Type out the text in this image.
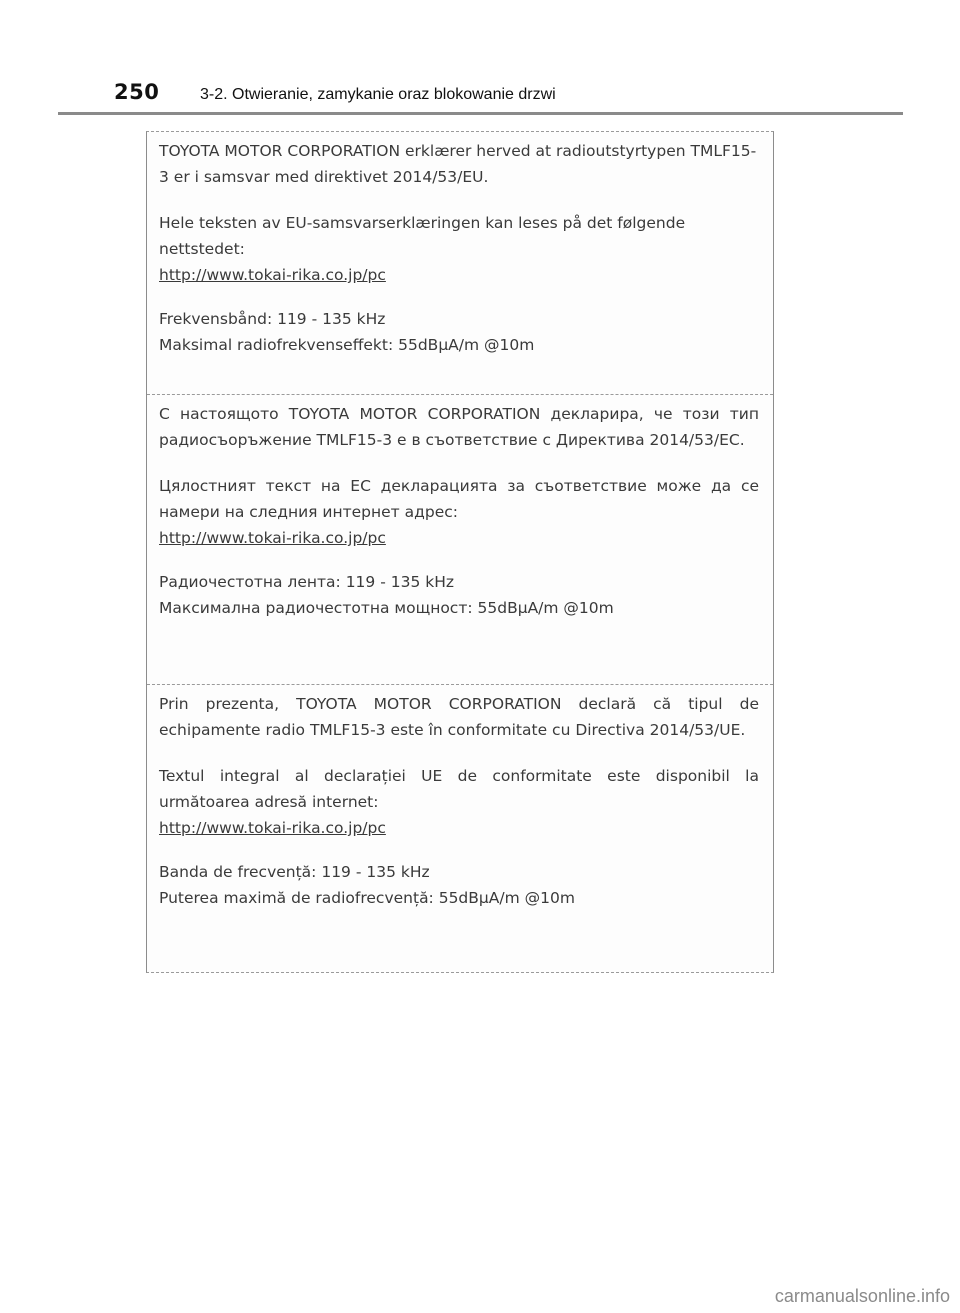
250	3-2. Otwieranie, zamykanie oraz blokowanie drzwi

TOYOTA MOTOR CORPORATION erklærer herved at radioutstyrtypen TMLF15-3 er i samsvar med direktivet 2014/53/EU.

Hele teksten av EU-samsvarserklæringen kan leses på det følgende nettstedet:
http://www.tokai-rika.co.jp/pc
Frekvensbånd: 119 - 135 kHz
Maksimal radiofrekvenseffekt: 55dBµA/m @10m

С настоящото TOYOTA MOTOR CORPORATION декларира, че този тип радиосъоръжение TMLF15-3 е в съответствие с Директива 2014/53/ЕС.

Цялостният текст на ЕС декларацията за съответствие може да се намери на следния интернет адрес:
http://www.tokai-rika.co.jp/pc
Радиочестотна лента: 119 - 135 kHz
Максимална радиочестотна мощност: 55dBµA/m @10m

Prin prezenta, TOYOTA MOTOR CORPORATION declară că tipul de echipamente radio TMLF15-3 este în conformitate cu Directiva 2014/53/UE.

Textul integral al declarației UE de conformitate este disponibil la următoarea adresă internet:
http://www.tokai-rika.co.jp/pc
Banda de frecvență: 119 - 135 kHz
Puterea maximă de radiofrecvență: 55dBµA/m @10m
carmanualsonline.info
